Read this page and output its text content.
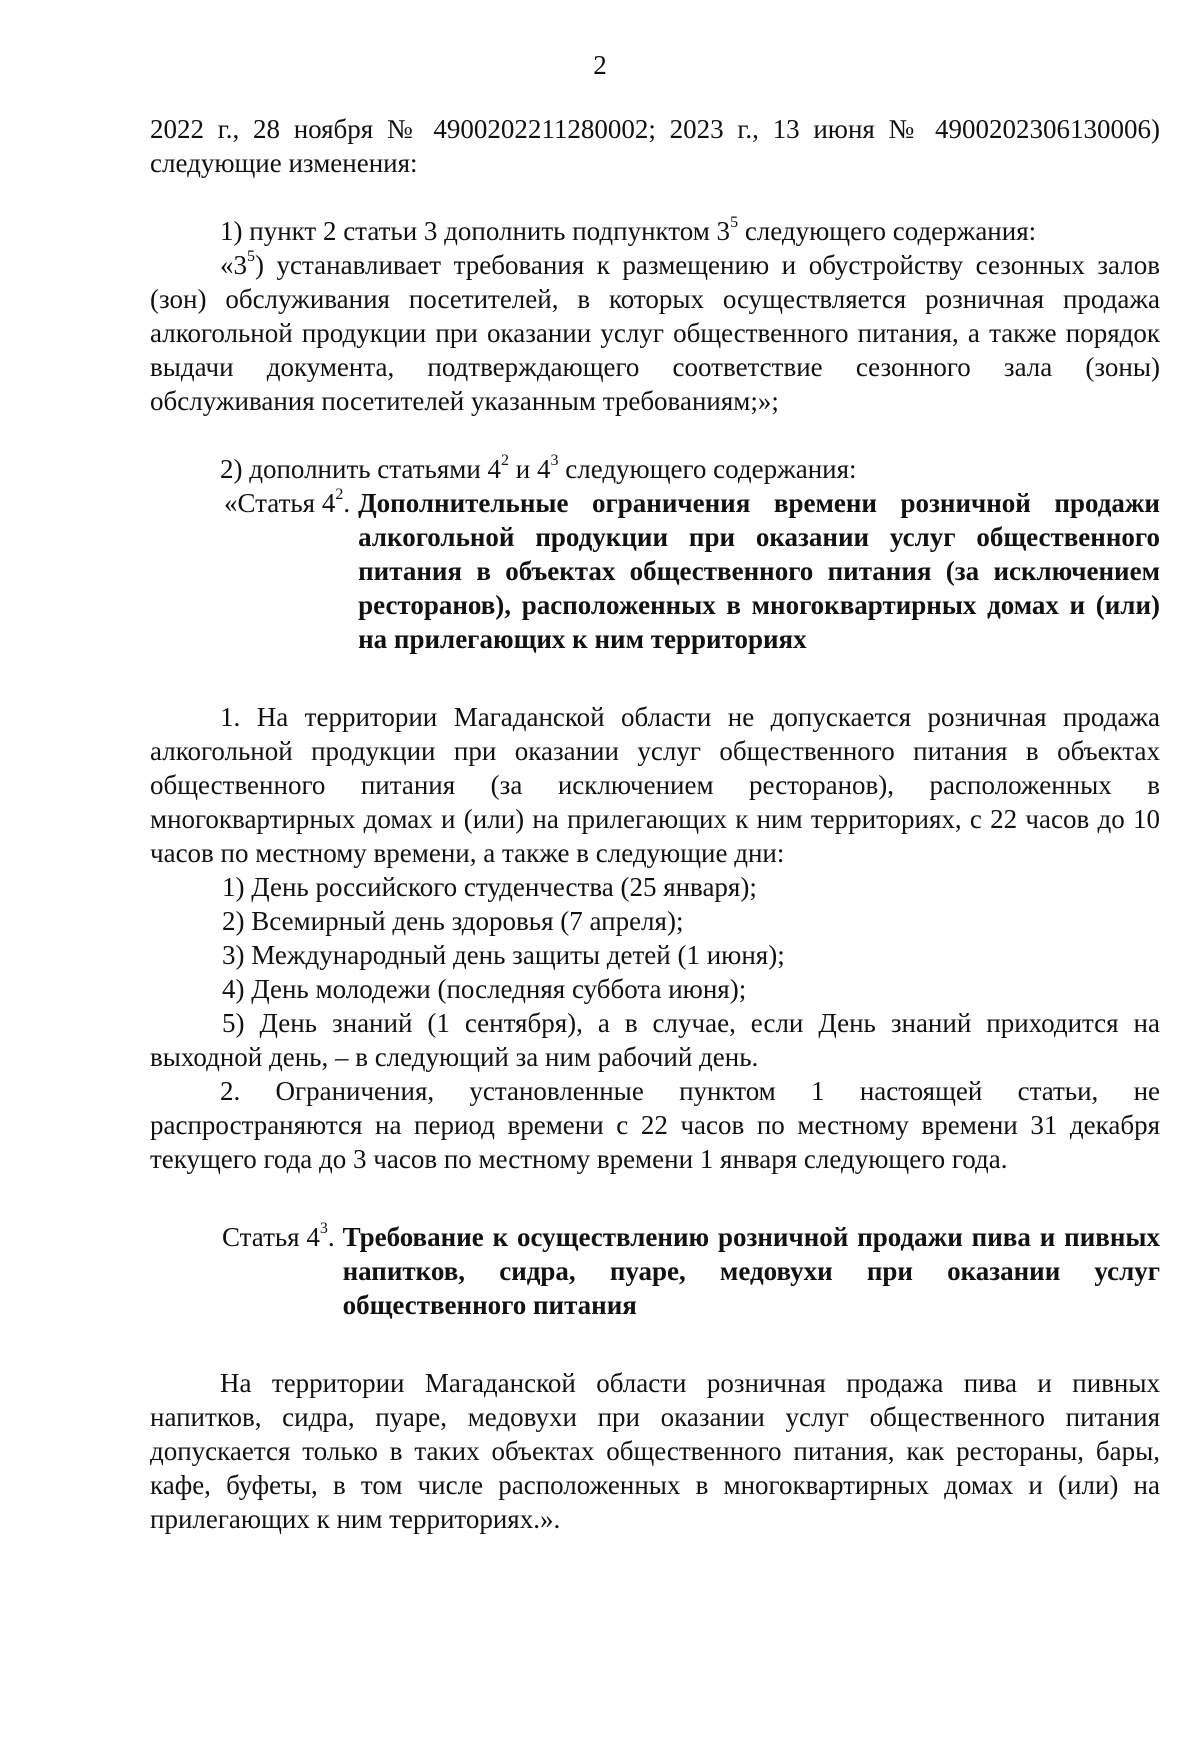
2

2022 г., 28 ноября № 4900202211280002; 2023 г., 13 июня № 4900202306130006) следующие изменения:

1) пункт 2 статьи 3 дополнить подпунктом $3^5$ следующего содержания:

«$3^5$) устанавливает требования к размещению и обустройству сезонных залов (зон) обслуживания посетителей, в которых осуществляется розничная продажа алкогольной продукции при оказании услуг общественного питания, а также порядок выдачи документа, подтверждающего соответствие сезонного зала (зоны) обслуживания посетителей указанным требованиям;»;

2) дополнить статьями $4^2$ и $4^3$ следующего содержания:

«Статья $4^2$. Дополнительные ограничения времени розничной продажи алкогольной продукции при оказании услуг общественного питания в объектах общественного питания (за исключением ресторанов), расположенных в многоквартирных домах и (или) на прилегающих к ним территориях

1. На территории Магаданской области не допускается розничная продажа алкогольной продукции при оказании услуг общественного питания в объектах общественного питания (за исключением ресторанов), расположенных в многоквартирных домах и (или) на прилегающих к ним территориях, с 22 часов до 10 часов по местному времени, а также в следующие дни:

1) День российского студенчества (25 января);

2) Всемирный день здоровья (7 апреля);

3) Международный день защиты детей (1 июня);

4) День молодежи (последняя суббота июня);

5) День знаний (1 сентября), а в случае, если День знаний приходится на выходной день, – в следующий за ним рабочий день.

2. Ограничения, установленные пунктом 1 настоящей статьи, не распространяются на период времени с 22 часов по местному времени 31 декабря текущего года до 3 часов по местному времени 1 января следующего года.

Статья $4^3$. Требование к осуществлению розничной продажи пива и пивных напитков, сидра, пуаре, медовухи при оказании услуг общественного питания

На территории Магаданской области розничная продажа пива и пивных напитков, сидра, пуаре, медовухи при оказании услуг общественного питания допускается только в таких объектах общественного питания, как рестораны, бары, кафе, буфеты, в том числе расположенных в многоквартирных домах и (или) на прилегающих к ним территориях.».
